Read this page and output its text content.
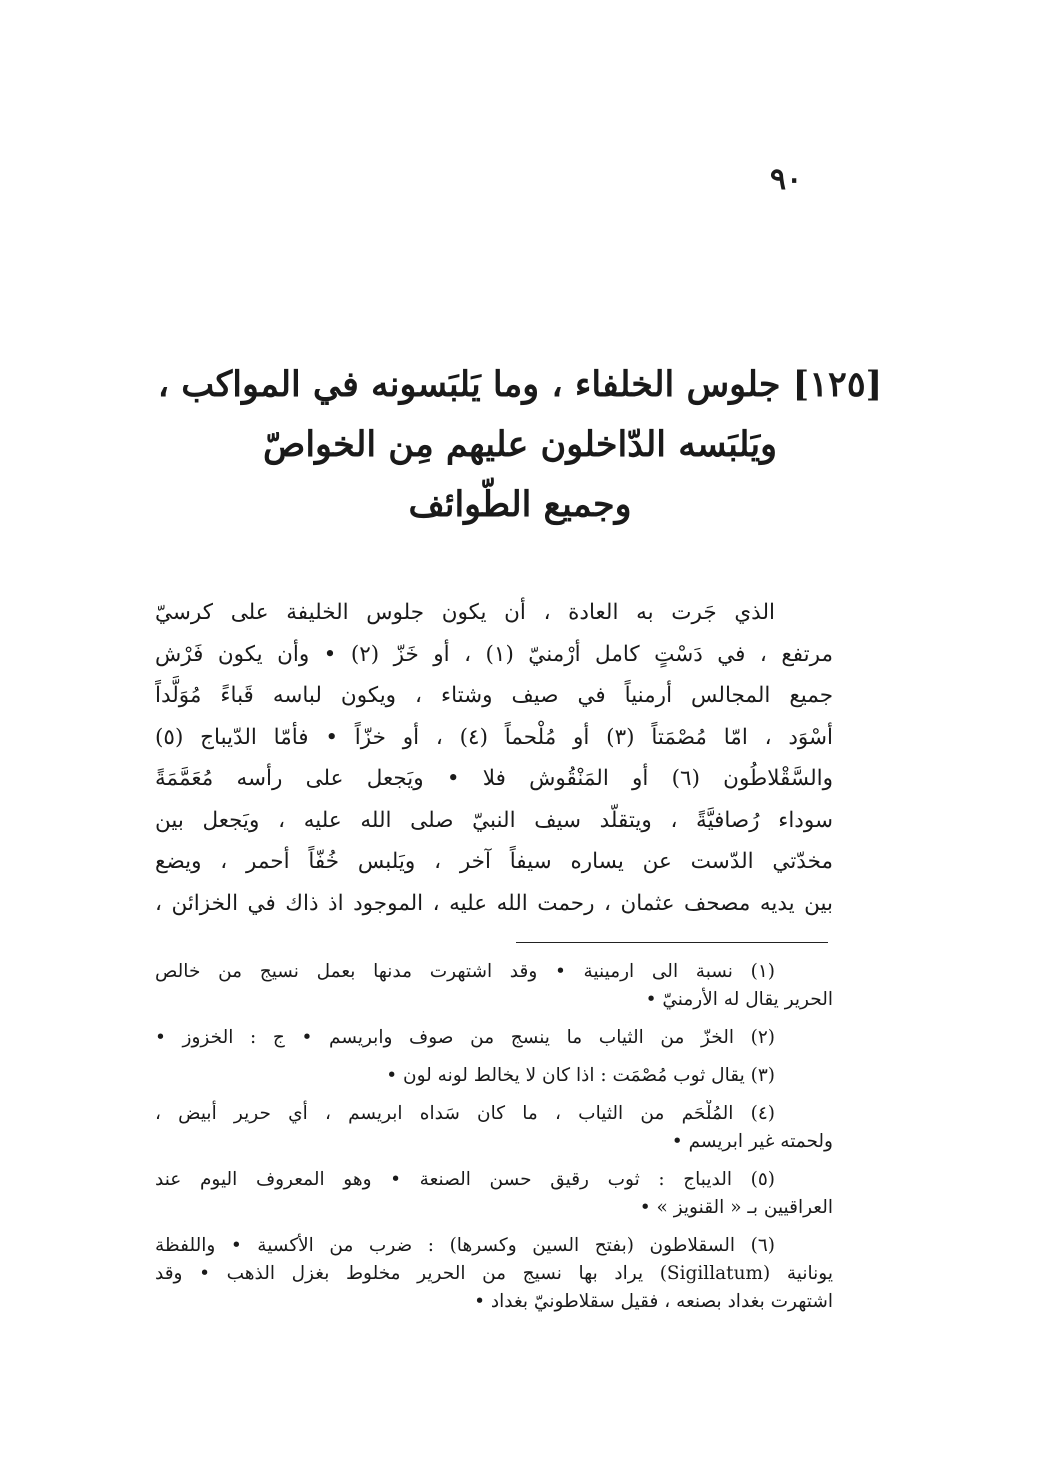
٩٠
[١٢٥] جلوس الخلفاء ، وما يَلبَسونه في المواكب ،
ويَلبَسه الدّاخلون عليهم مِن الخواصّ
وجميع الطّوائف
الذي جَرت به العادة ، أن يكون جلوس الخليفة على كرسيّ
مرتفع ، في دَسْتٍ كامل أرْمنيّ (١) ، أو خَزّ (٢) • وأن يكون فَرْش
جميع المجالس أرمنياً في صيف وشتاء ، ويكون لباسه قَباءً مُوَلَّداً
أسْوَد ، امّا مُصْمَتاً (٣) أو مُلْحماً (٤) ، أو خزّاً • فأمّا الدّيباج (٥)
والسَّقْلاطُون (٦) أو المَنْقُوش فلا • ويَجعل على رأسه مُعَمَّمَةً
سوداء رُصافيَّةً ، ويتقلّد سيف النبيّ صلى الله عليه ، ويَجعل بين
مخدّتي الدّست عن يساره سيفاً آخر ، ويَلبس خُفّاً أحمر ، ويضع
بين يديه مصحف عثمان ، رحمت الله عليه ، الموجود اذ ذاك في الخزائن ،
(١) نسبة الى ارمينية • وقد اشتهرت مدنها بعمل نسيج من خالص
الحرير يقال له الأرمنيّ •
(٢) الخزّ من الثياب ما ينسج من صوف وابريسم • ج : الخزوز •
(٣) يقال ثوب مُصْمَت : اذا كان لا يخالط لونه لون •
(٤) المُلْحَم من الثياب ، ما كان سَداه ابريسم ، أي حرير أبيض ،
ولحمته غير ابريسم •
(٥) الديباج : ثوب رقيق حسن الصنعة • وهو المعروف اليوم عند
العراقيين بـ « القنويز » •
(٦) السقلاطون (بفتح السين وكسرها) : ضرب من الأكسية • واللفظة
يونانية (Sigillatum) يراد بها نسيج من الحرير مخلوط بغزل الذهب • وقد
اشتهرت بغداد بصنعه ، فقيل سقلاطونيّ بغداد •
